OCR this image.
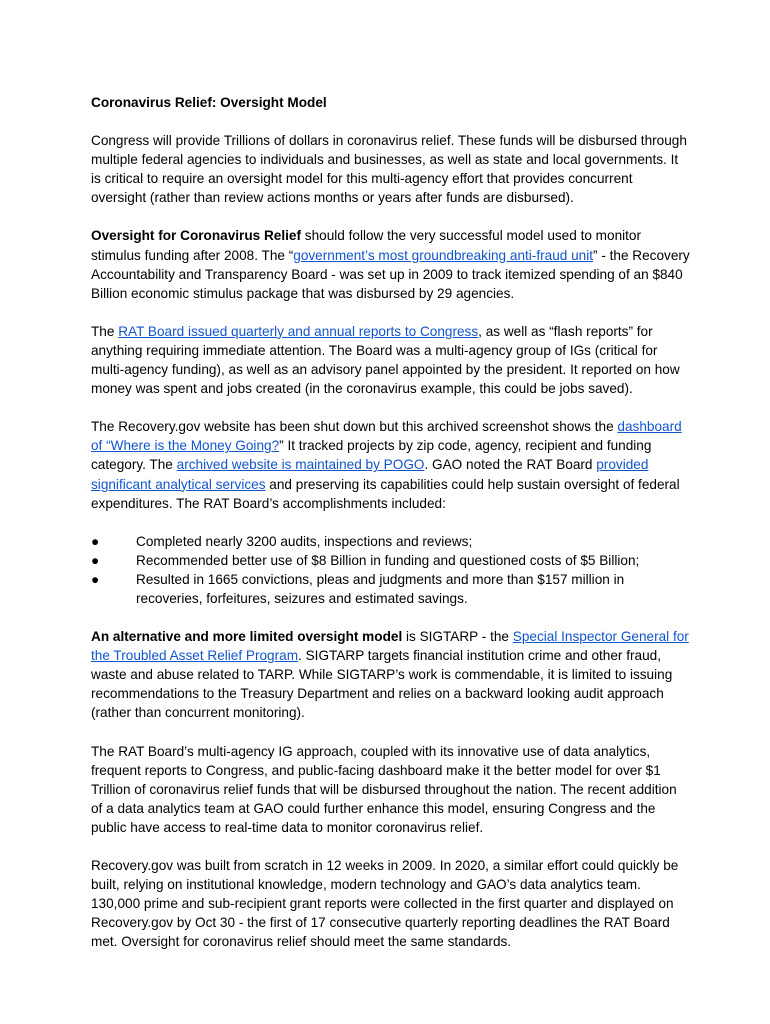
Coronavirus Relief: Oversight Model

Congress will provide Trillions of dollars in coronavirus relief. These funds will be disbursed through multiple federal agencies to individuals and businesses, as well as state and local governments. It is critical to require an oversight model for this multi-agency effort that provides concurrent oversight (rather than review actions months or years after funds are disbursed).

Oversight for Coronavirus Relief should follow the very successful model used to monitor stimulus funding after 2008. The “government’s most groundbreaking anti-fraud unit” - the Recovery Accountability and Transparency Board - was set up in 2009 to track itemized spending of an $840 Billion economic stimulus package that was disbursed by 29 agencies.

The RAT Board issued quarterly and annual reports to Congress, as well as “flash reports” for anything requiring immediate attention. The Board was a multi-agency group of IGs (critical for multi-agency funding), as well as an advisory panel appointed by the president. It reported on how money was spent and jobs created (in the coronavirus example, this could be jobs saved).

The Recovery.gov website has been shut down but this archived screenshot shows the dashboard of “Where is the Money Going?” It tracked projects by zip code, agency, recipient and funding category. The archived website is maintained by POGO. GAO noted the RAT Board provided significant analytical services and preserving its capabilities could help sustain oversight of federal expenditures. The RAT Board’s accomplishments included:

●	Completed nearly 3200 audits, inspections and reviews;
●	Recommended better use of $8 Billion in funding and questioned costs of $5 Billion;
●	Resulted in 1665 convictions, pleas and judgments and more than $157 million in recoveries, forfeitures, seizures and estimated savings.

An alternative and more limited oversight model is SIGTARP - the Special Inspector General for the Troubled Asset Relief Program. SIGTARP targets financial institution crime and other fraud, waste and abuse related to TARP. While SIGTARP’s work is commendable, it is limited to issuing recommendations to the Treasury Department and relies on a backward looking audit approach (rather than concurrent monitoring).

The RAT Board’s multi-agency IG approach, coupled with its innovative use of data analytics, frequent reports to Congress, and public-facing dashboard make it the better model for over $1 Trillion of coronavirus relief funds that will be disbursed throughout the nation. The recent addition of a data analytics team at GAO could further enhance this model, ensuring Congress and the public have access to real-time data to monitor coronavirus relief.

Recovery.gov was built from scratch in 12 weeks in 2009. In 2020, a similar effort could quickly be built, relying on institutional knowledge, modern technology and GAO’s data analytics team. 130,000 prime and sub-recipient grant reports were collected in the first quarter and displayed on Recovery.gov by Oct 30 - the first of 17 consecutive quarterly reporting deadlines the RAT Board met. Oversight for coronavirus relief should meet the same standards.
